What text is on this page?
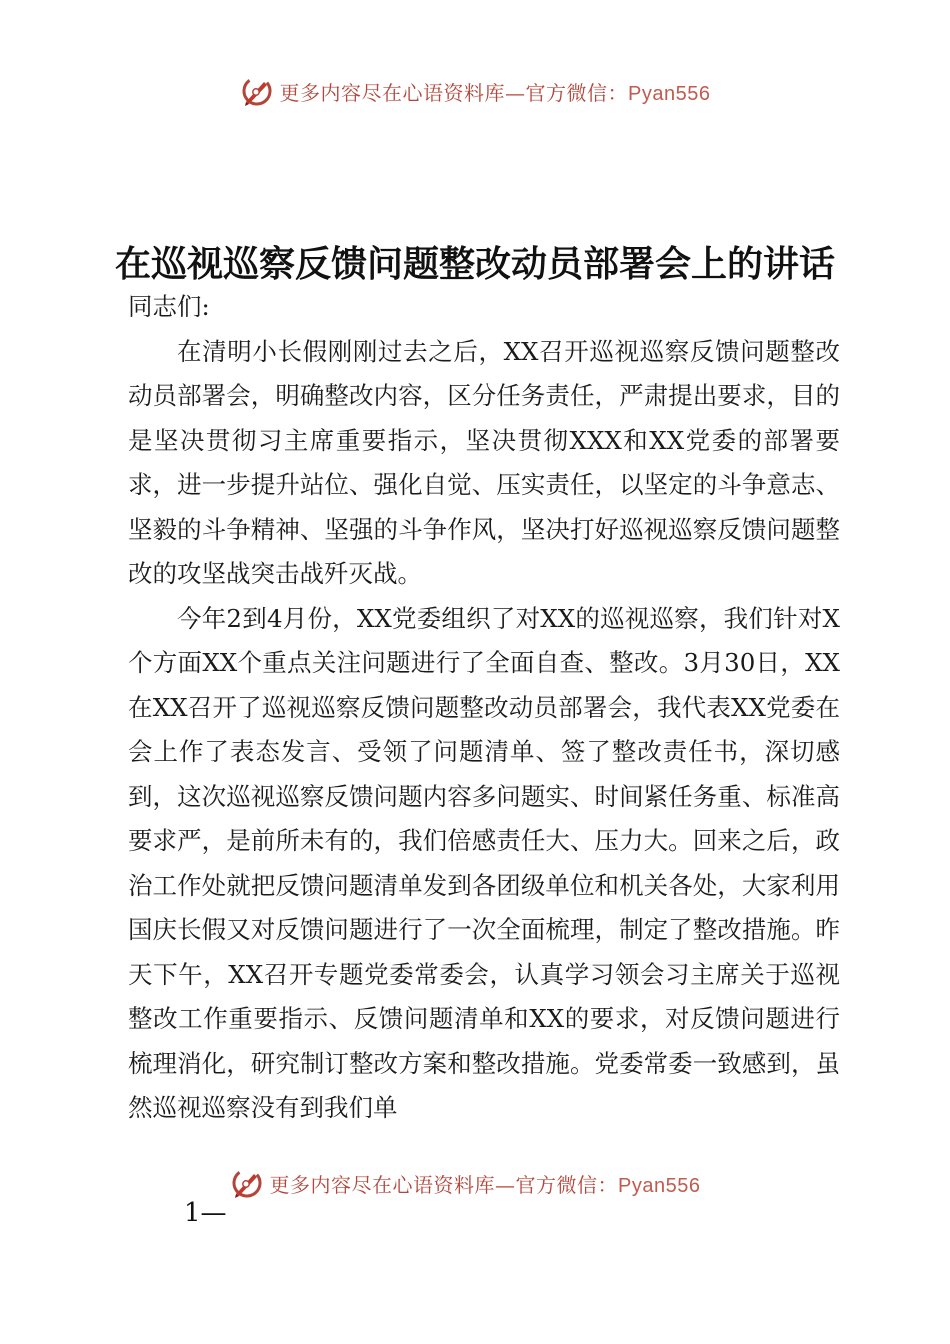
更多内容尽在心语资料库—官方微信：Pyan556
在巡视巡察反馈问题整改动员部署会上的讲话

同志们:

在清明小长假刚刚过去之后，XX召开巡视巡察反馈问题整改动员部署会，明确整改内容，区分任务责任，严肃提出要求，目的是坚决贯彻习主席重要指示，坚决贯彻XXX和XX党委的部署要求，进一步提升站位、强化自觉、压实责任，以坚定的斗争意志、坚毅的斗争精神、坚强的斗争作风，坚决打好巡视巡察反馈问题整改的攻坚战突击战歼灭战。

今年2到4月份，XX党委组织了对XX的巡视巡察，我们针对X个方面XX个重点关注问题进行了全面自查、整改。3月30日，XX在XX召开了巡视巡察反馈问题整改动员部署会，我代表XX党委在会上作了表态发言、受领了问题清单、签了整改责任书，深切感到，这次巡视巡察反馈问题内容多问题实、时间紧任务重、标准高要求严，是前所未有的，我们倍感责任大、压力大。回来之后，政治工作处就把反馈问题清单发到各团级单位和机关各处，大家利用国庆长假又对反馈问题进行了一次全面梳理，制定了整改措施。昨天下午，XX召开专题党委常委会，认真学习领会习主席关于巡视整改工作重要指示、反馈问题清单和XX的要求，对反馈问题进行梳理消化，研究制订整改方案和整改措施。党委常委一致感到，虽然巡视巡察没有到我们单

更多内容尽在心语资料库—官方微信：Pyan556
1—
